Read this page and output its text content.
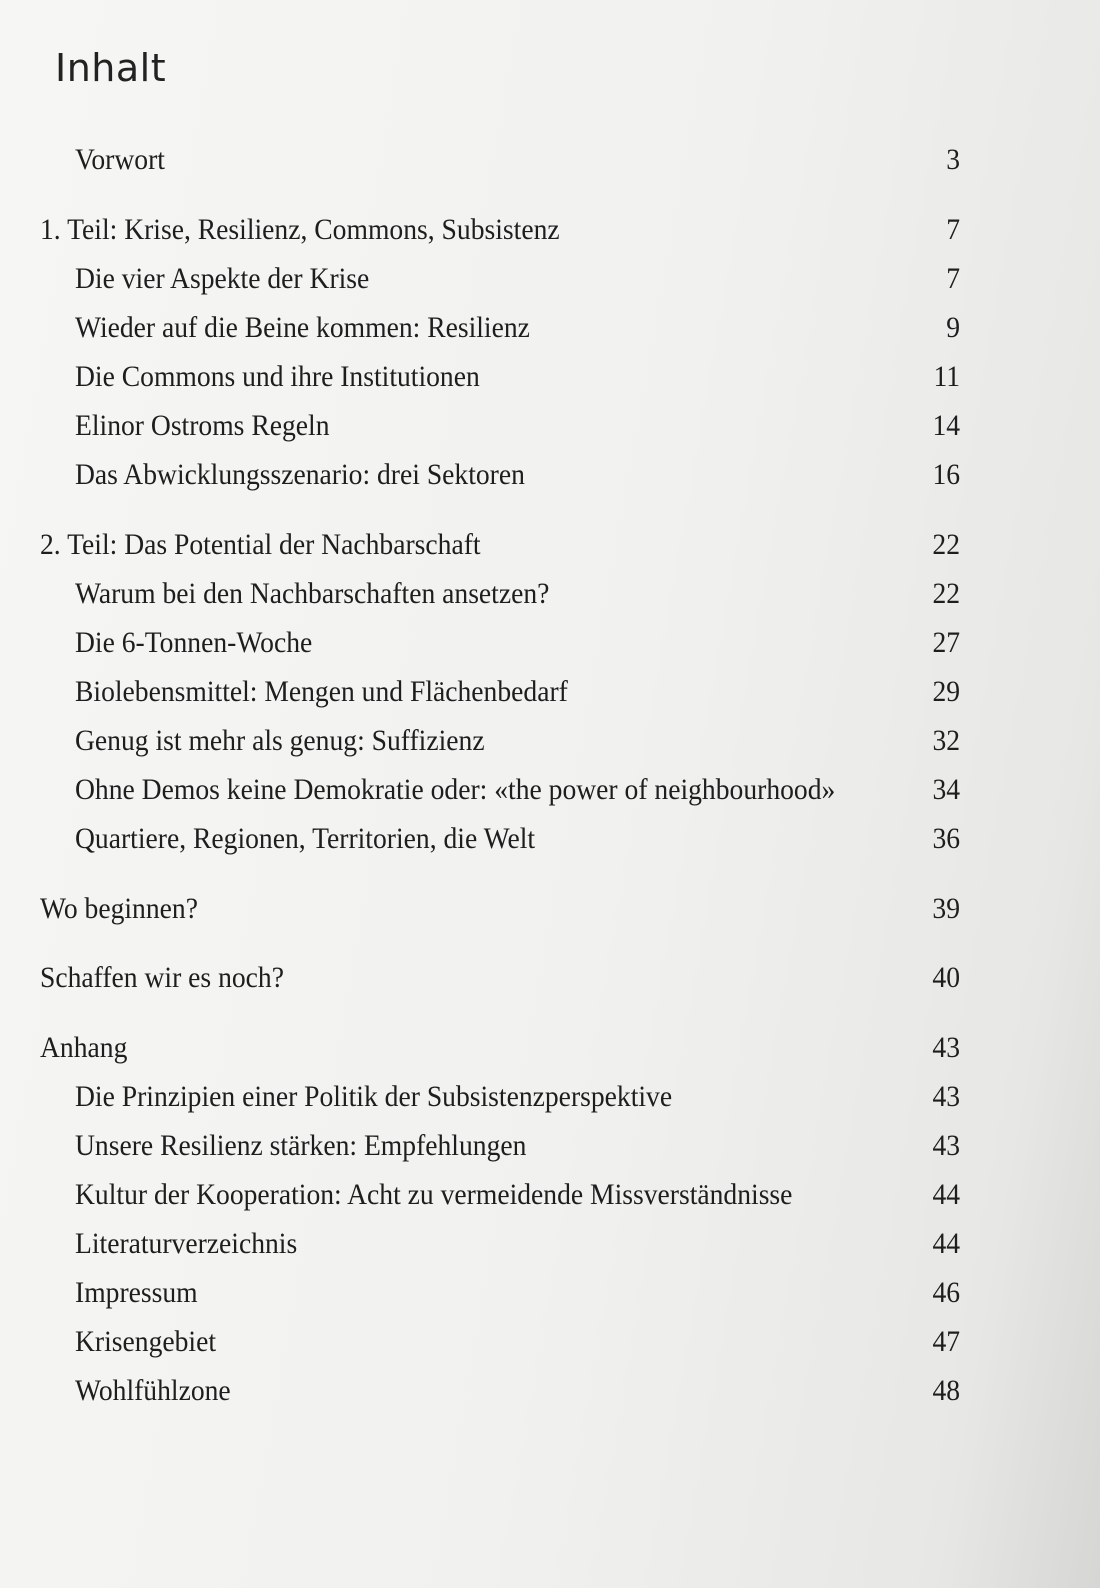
Inhalt
Vorwort	3
1. Teil: Krise, Resilienz, Commons, Subsistenz	7
Die vier Aspekte der Krise	7
Wieder auf die Beine kommen: Resilienz	9
Die Commons und ihre Institutionen	11
Elinor Ostroms Regeln	14
Das Abwicklungsszenario: drei Sektoren	16
2. Teil: Das Potential der Nachbarschaft	22
Warum bei den Nachbarschaften ansetzen?	22
Die 6-Tonnen-Woche	27
Biolebensmittel: Mengen und Flächenbedarf	29
Genug ist mehr als genug: Suffizienz	32
Ohne Demos keine Demokratie oder: «the power of neighbourhood»	34
Quartiere, Regionen, Territorien, die Welt	36
Wo beginnen?	39
Schaffen wir es noch?	40
Anhang	43
Die Prinzipien einer Politik der Subsistenzperspektive	43
Unsere Resilienz stärken: Empfehlungen	43
Kultur der Kooperation: Acht zu vermeidende Missverständnisse	44
Literaturverzeichnis	44
Impressum	46
Krisengebiet	47
Wohlfühlzone	48
